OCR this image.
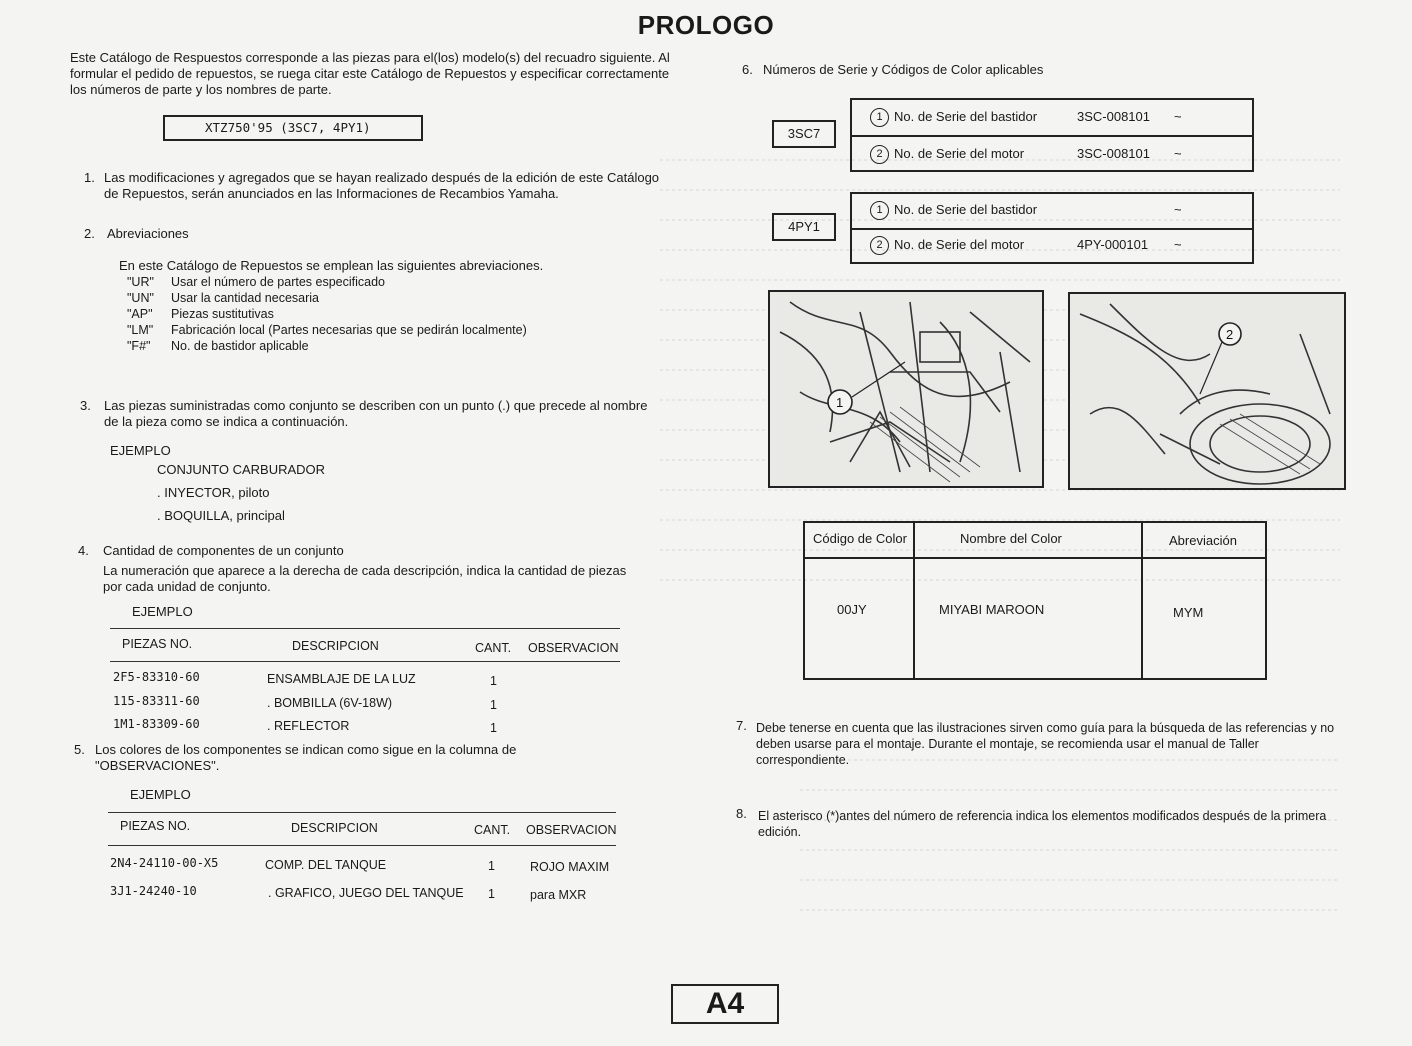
PROLOGO
Este Catálogo de Respuestos corresponde a las piezas para el(los) modelo(s) del recuadro siguiente. Al formular el pedido de repuestos, se ruega citar este Catálogo de Repuestos y especificar correctamente los números de parte y los nombres de parte.
XTZ750'95 (3SC7, 4PY1)
1. Las modificaciones y agregados que se hayan realizado después de la edición de este Catálogo de Repuestos, serán anunciados en las Informaciones de Recambios Yamaha.
2. Abreviaciones
En este Catálogo de Repuestos se emplean las siguientes abreviaciones.
"UR" Usar el número de partes especificado
"UN" Usar la cantidad necesaria
"AP" Piezas sustitutivas
"LM" Fabricación local (Partes necesarias que se pedirán localmente)
"F#" No. de bastidor aplicable
3. Las piezas suministradas como conjunto se describen con un punto (.) que precede al nombre de la pieza como se indica a continuación.
EJEMPLO
CONJUNTO CARBURADOR
. INYECTOR, piloto
. BOQUILLA, principal
4. Cantidad de componentes de un conjunto
La numeración que aparece a la derecha de cada descripción, indica la cantidad de piezas por cada unidad de conjunto.
EJEMPLO
PIEZAS NO.	DESCRIPCION	CANT. OBSERVACION
2F5-83310-60	ENSAMBLAJE DE LA LUZ	1
115-83311-60	. BOMBILLA (6V-18W)	1
1M1-83309-60	. REFLECTOR	1
5. Los colores de los componentes se indican como sigue en la columna de "OBSERVACIONES".
EJEMPLO
PIEZAS NO.	DESCRIPCION	CANT. OBSERVACION
2N4-24110-00-X5	COMP. DEL TANQUE	1	ROJO MAXIM
3J1-24240-10	. GRAFICO, JUEGO DEL TANQUE 1	para MXR
6. Números de Serie y Códigos de Color aplicables
3SC7
1 No. de Serie del bastidor	3SC-008101 ~
2 No. de Serie del motor	3SC-008101 ~
4PY1
1 No. de Serie del bastidor	~
2 No. de Serie del motor	4PY-000101 ~
1
2
Código de Color	Nombre del Color	Abreviación
00JY	MIYABI MAROON	MYM
7. Debe tenerse en cuenta que las ilustraciones sirven como guía para la búsqueda de las referencias y no deben usarse para el montaje. Durante el montaje, se recomienda usar el manual de Taller correspondiente.
8. El asterisco (*)antes del número de referencia indica los elementos modificados después de la primera edición.
A4
